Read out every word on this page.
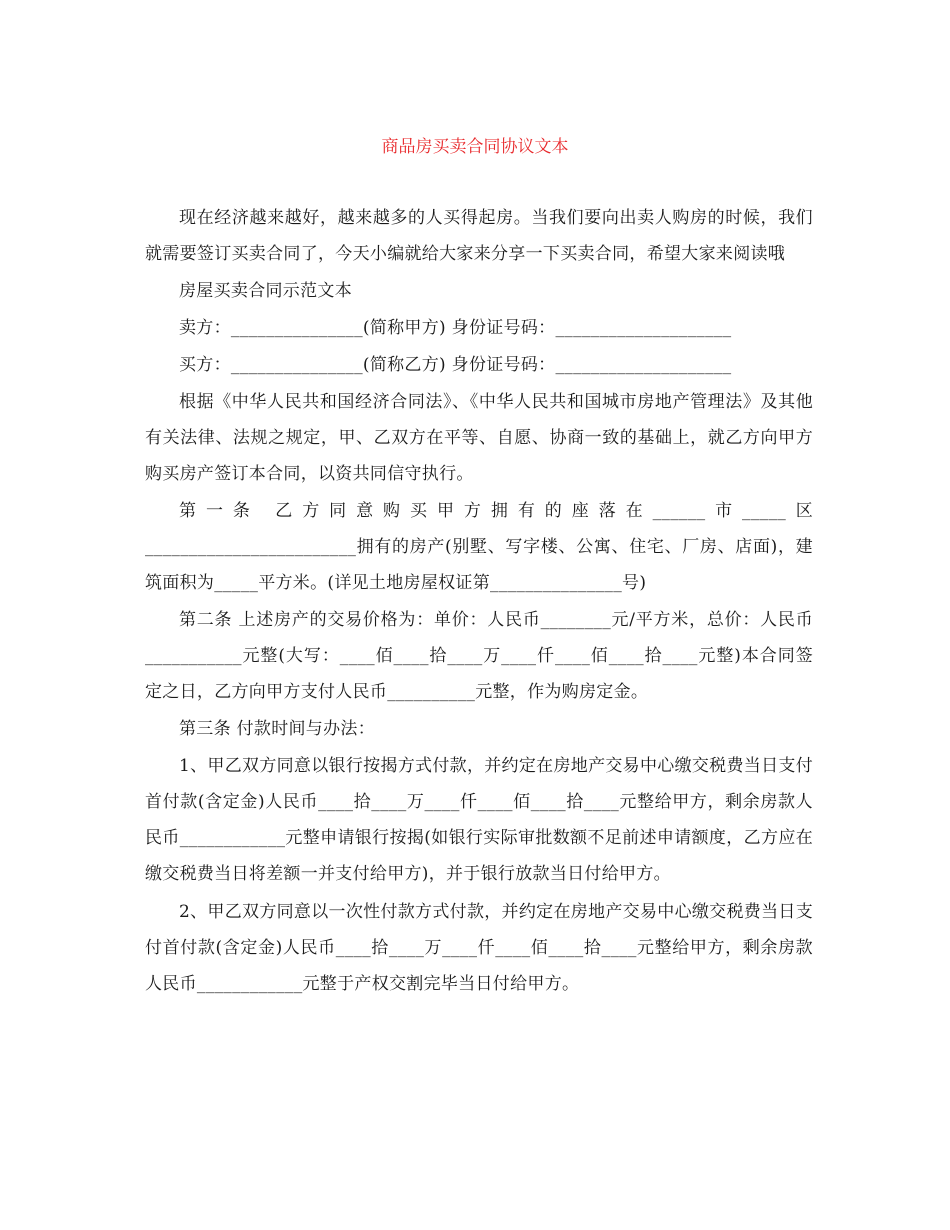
商品房买卖合同协议文本

现在经济越来越好，越来越多的人买得起房。当我们要向出卖人购房的时候，我们就需要签订买卖合同了，今天小编就给大家来分享一下买卖合同，希望大家来阅读哦

房屋买卖合同示范文本

卖方：_______________(简称甲方) 身份证号码：____________________

买方：_______________(简称乙方) 身份证号码：____________________

根据《中华人民共和国经济合同法》、《中华人民共和国城市房地产管理法》及其他有关法律、法规之规定，甲、乙双方在平等、自愿、协商一致的基础上，就乙方向甲方购买房产签订本合同，以资共同信守执行。

第一条 乙方同意购买甲方拥有的座落在______市_____区________________________拥有的房产(别墅、写字楼、公寓、住宅、厂房、店面)，建筑面积为_____平方米。(详见土地房屋权证第_______________号)

第二条 上述房产的交易价格为：单价：人民币________元/平方米，总价：人民币___________元整(大写：____佰____拾____万____仟____佰____拾____元整)本合同签定之日，乙方向甲方支付人民币__________元整，作为购房定金。

第三条 付款时间与办法：

1、甲乙双方同意以银行按揭方式付款，并约定在房地产交易中心缴交税费当日支付首付款(含定金)人民币____拾____万____仟____佰____拾____元整给甲方，剩余房款人民币____________元整申请银行按揭(如银行实际审批数额不足前述申请额度，乙方应在缴交税费当日将差额一并支付给甲方)，并于银行放款当日付给甲方。

2、甲乙双方同意以一次性付款方式付款，并约定在房地产交易中心缴交税费当日支付首付款(含定金)人民币____拾____万____仟____佰____拾____元整给甲方，剩余房款人民币____________元整于产权交割完毕当日付给甲方。
